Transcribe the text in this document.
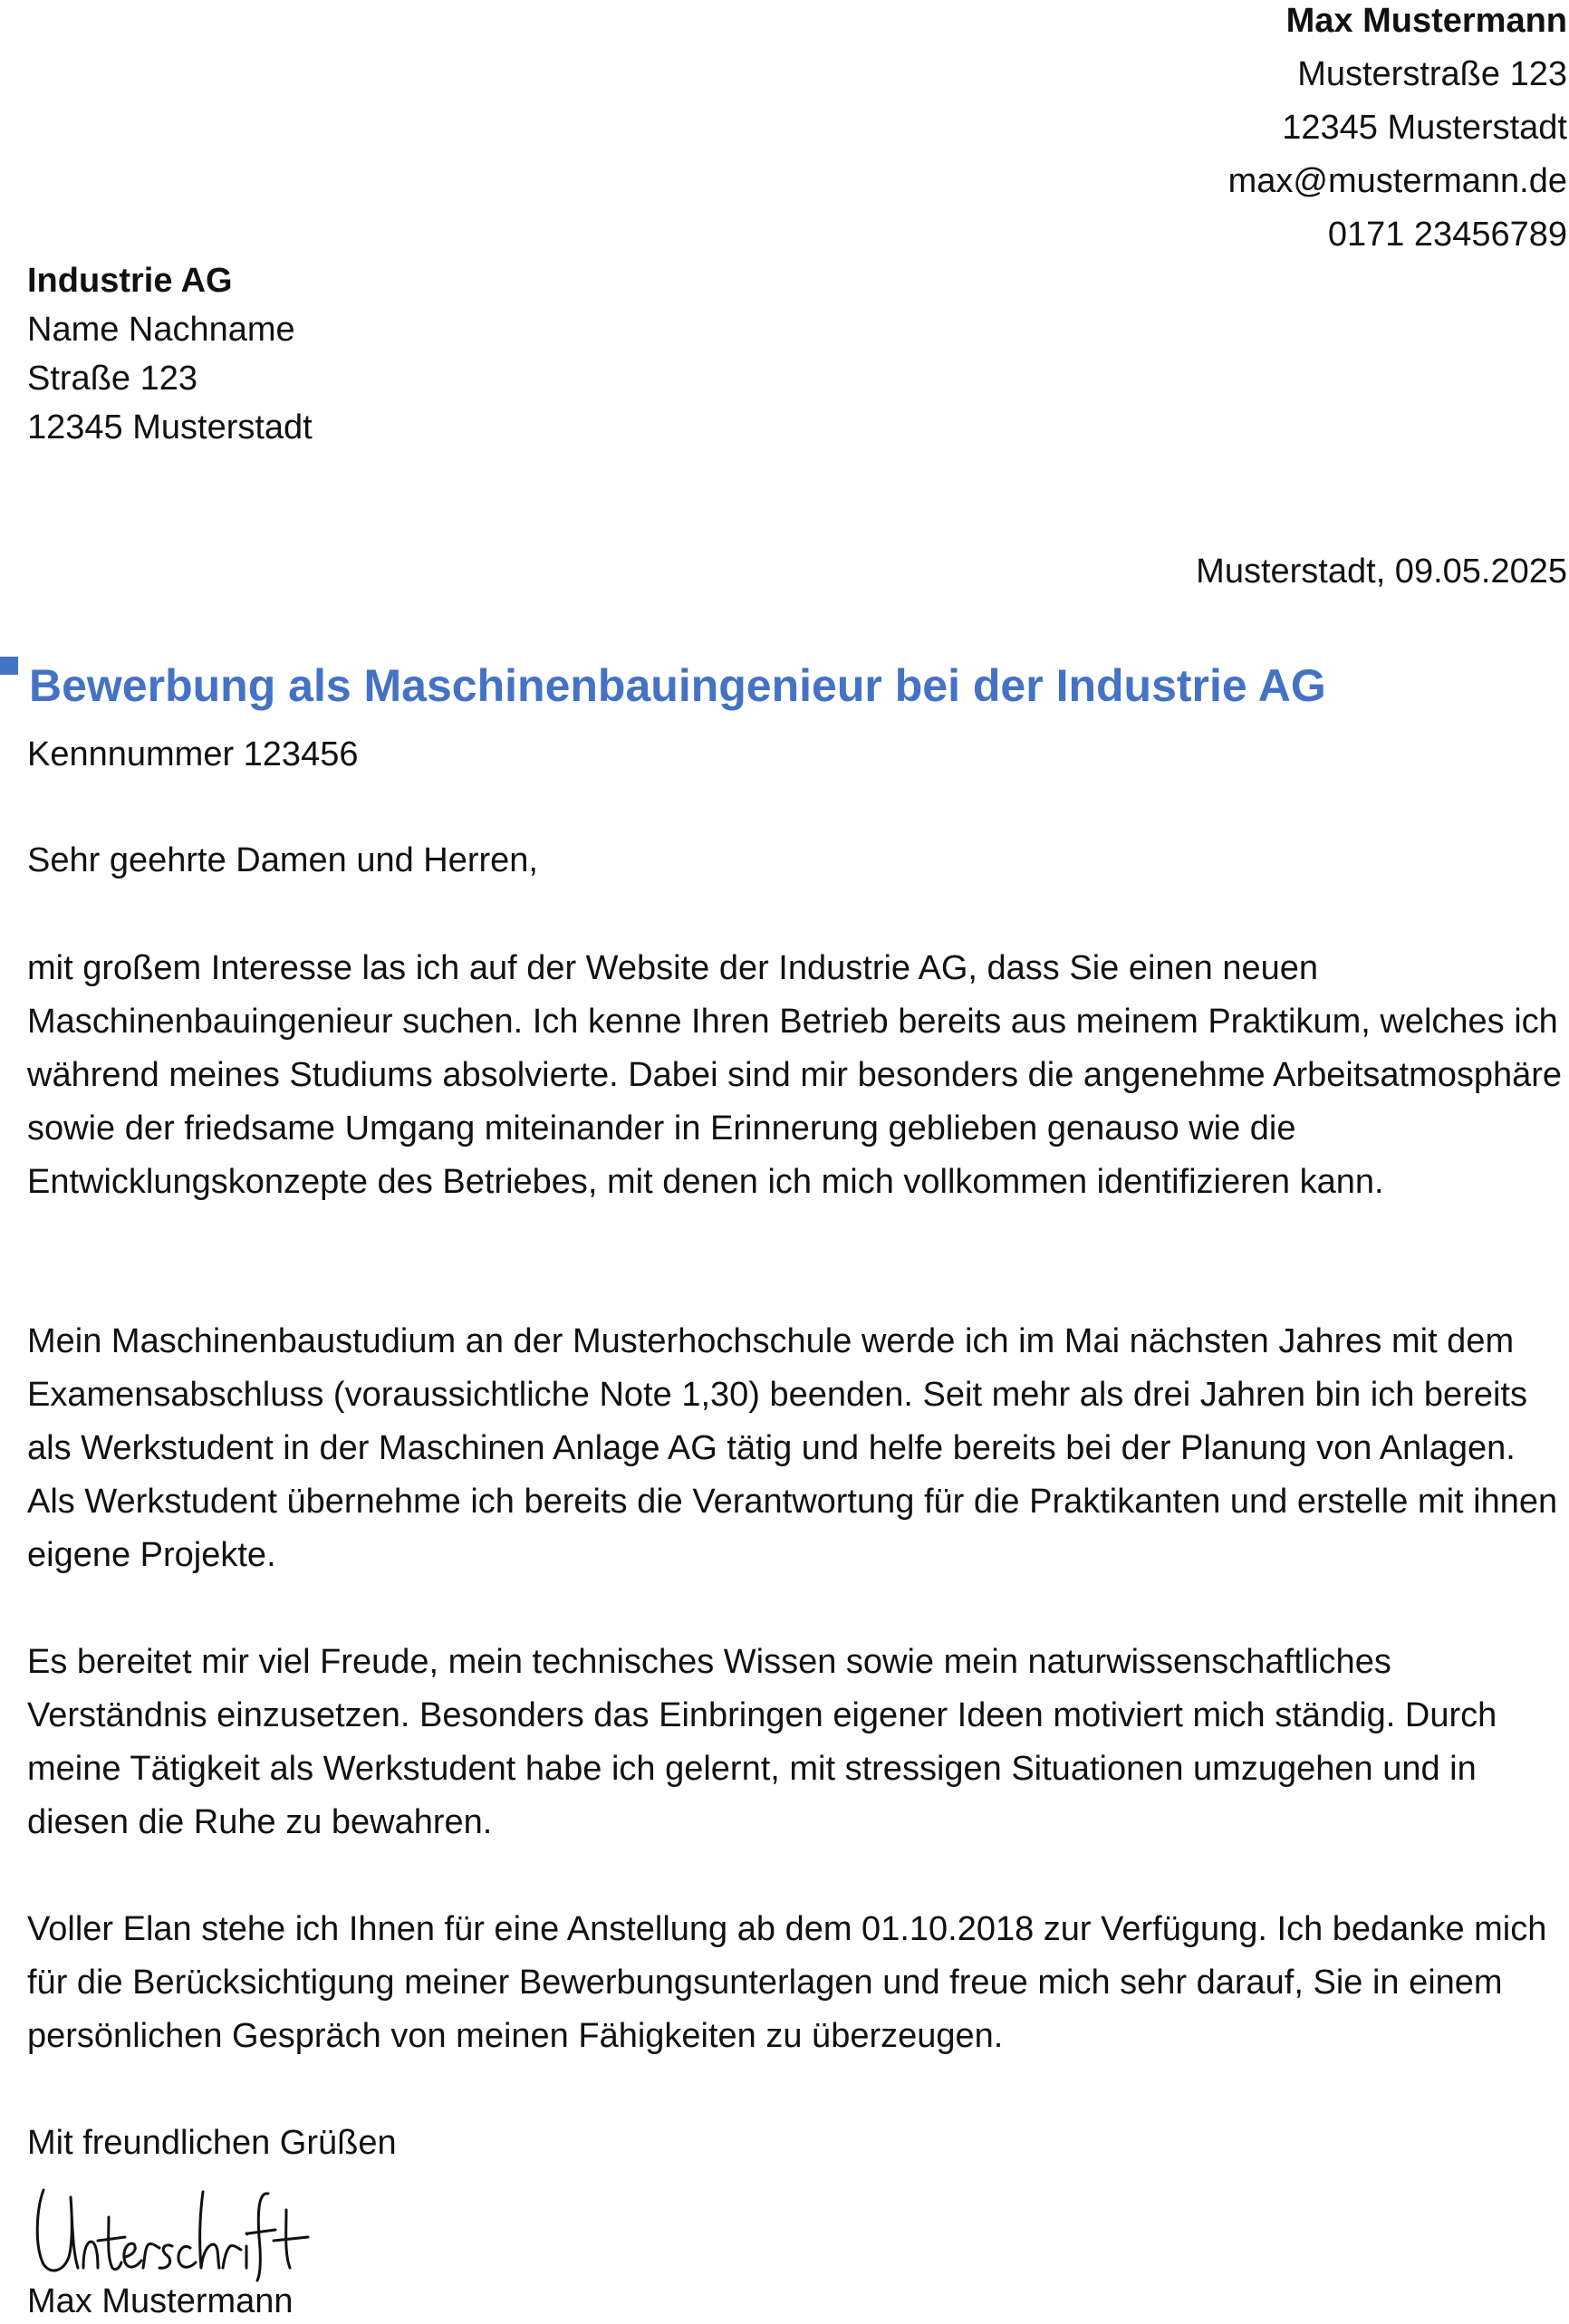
Max Mustermann
Musterstraße 123
12345 Musterstadt
max@mustermann.de
0171 23456789
Industrie AG
Name Nachname
Straße 123
12345 Musterstadt
Musterstadt, 09.05.2025
Bewerbung als Maschinenbauingenieur bei der Industrie AG
Kennnummer 123456
Sehr geehrte Damen und Herren,

mit großem Interesse las ich auf der Website der Industrie AG, dass Sie einen neuen Maschinenbauingenieur suchen. Ich kenne Ihren Betrieb bereits aus meinem Praktikum, welches ich während meines Studiums absolvierte. Dabei sind mir besonders die angenehme Arbeitsatmosphäre sowie der friedsame Umgang miteinander in Erinnerung geblieben genauso wie die Entwicklungskonzepte des Betriebes, mit denen ich mich vollkommen identifizieren kann.

Mein Maschinenbaustudium an der Musterhochschule werde ich im Mai nächsten Jahres mit dem Examensabschluss (voraussichtliche Note 1,30) beenden. Seit mehr als drei Jahren bin ich bereits als Werkstudent in der Maschinen Anlage AG tätig und helfe bereits bei der Planung von Anlagen. Als Werkstudent übernehme ich bereits die Verantwortung für die Praktikanten und erstelle mit ihnen eigene Projekte.

Es bereitet mir viel Freude, mein technisches Wissen sowie mein naturwissenschaftliches Verständnis einzusetzen. Besonders das Einbringen eigener Ideen motiviert mich ständig. Durch meine Tätigkeit als Werkstudent habe ich gelernt, mit stressigen Situationen umzugehen und in diesen die Ruhe zu bewahren.

Voller Elan stehe ich Ihnen für eine Anstellung ab dem 01.10.2018 zur Verfügung. Ich bedanke mich für die Berücksichtigung meiner Bewerbungsunterlagen und freue mich sehr darauf, Sie in einem persönlichen Gespräch von meinen Fähigkeiten zu überzeugen.

Mit freundlichen Grüßen
Max Mustermann
